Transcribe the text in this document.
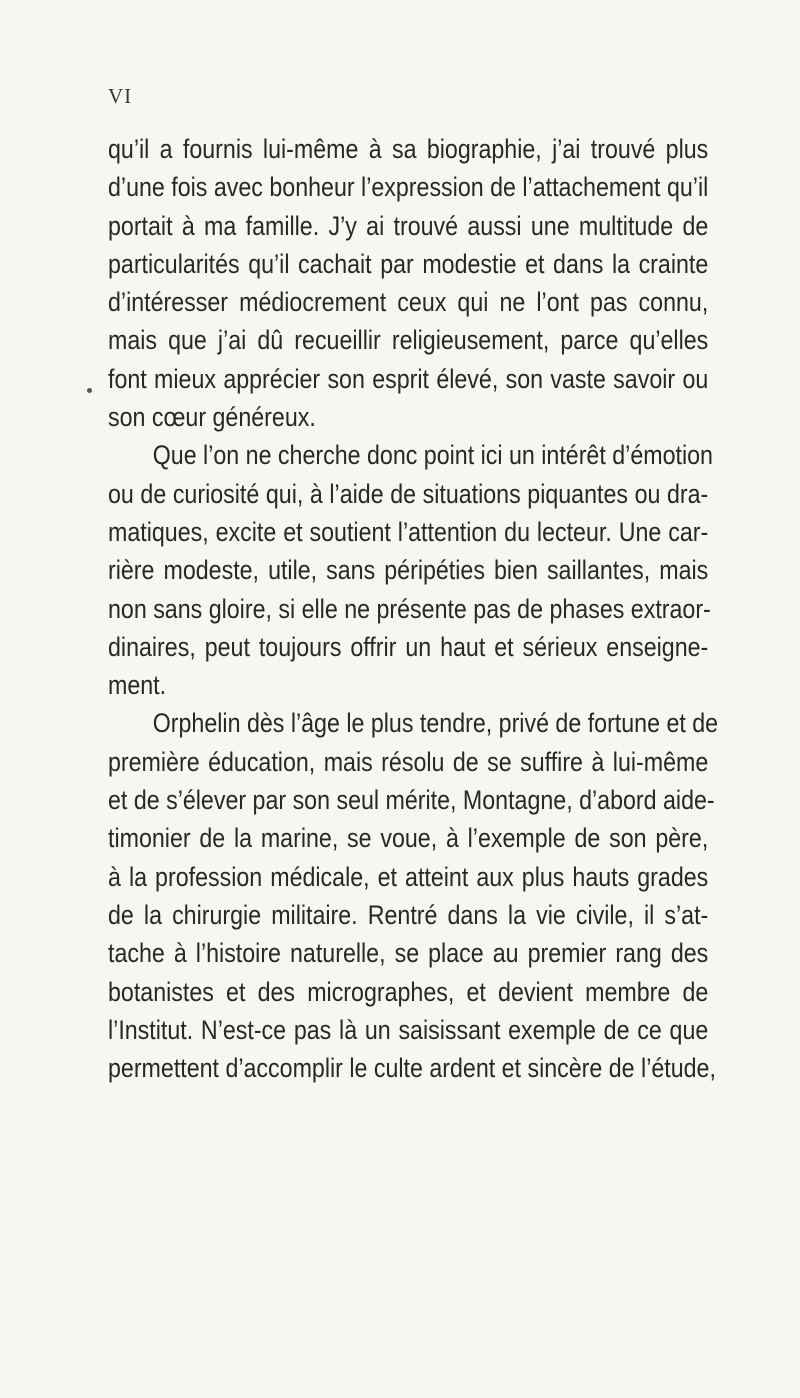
VI
qu’il a fournis lui-même à sa biographie, j’ai trouvé plus
d’une fois avec bonheur l’expression de l’attachement qu’il
portait à ma famille. J’y ai trouvé aussi une multitude de
particularités qu’il cachait par modestie et dans la crainte
d’intéresser médiocrement ceux qui ne l’ont pas connu,
mais que j’ai dû recueillir religieusement, parce qu’elles
font mieux apprécier son esprit élevé, son vaste savoir ou
son cœur généreux.
Que l’on ne cherche donc point ici un intérêt d’émotion
ou de curiosité qui, à l’aide de situations piquantes ou dra-
matiques, excite et soutient l’attention du lecteur. Une car-
rière modeste, utile, sans péripéties bien saillantes, mais
non sans gloire, si elle ne présente pas de phases extraor-
dinaires, peut toujours offrir un haut et sérieux enseigne-
ment.
Orphelin dès l’âge le plus tendre, privé de fortune et de
première éducation, mais résolu de se suffire à lui-même
et de s’élever par son seul mérite, Montagne, d’abord aide-
timonier de la marine, se voue, à l’exemple de son père,
à la profession médicale, et atteint aux plus hauts grades
de la chirurgie militaire. Rentré dans la vie civile, il s’at-
tache à l’histoire naturelle, se place au premier rang des
botanistes et des micrographes, et devient membre de
l’Institut. N’est-ce pas là un saisissant exemple de ce que
permettent d’accomplir le culte ardent et sincère de l’étude,
